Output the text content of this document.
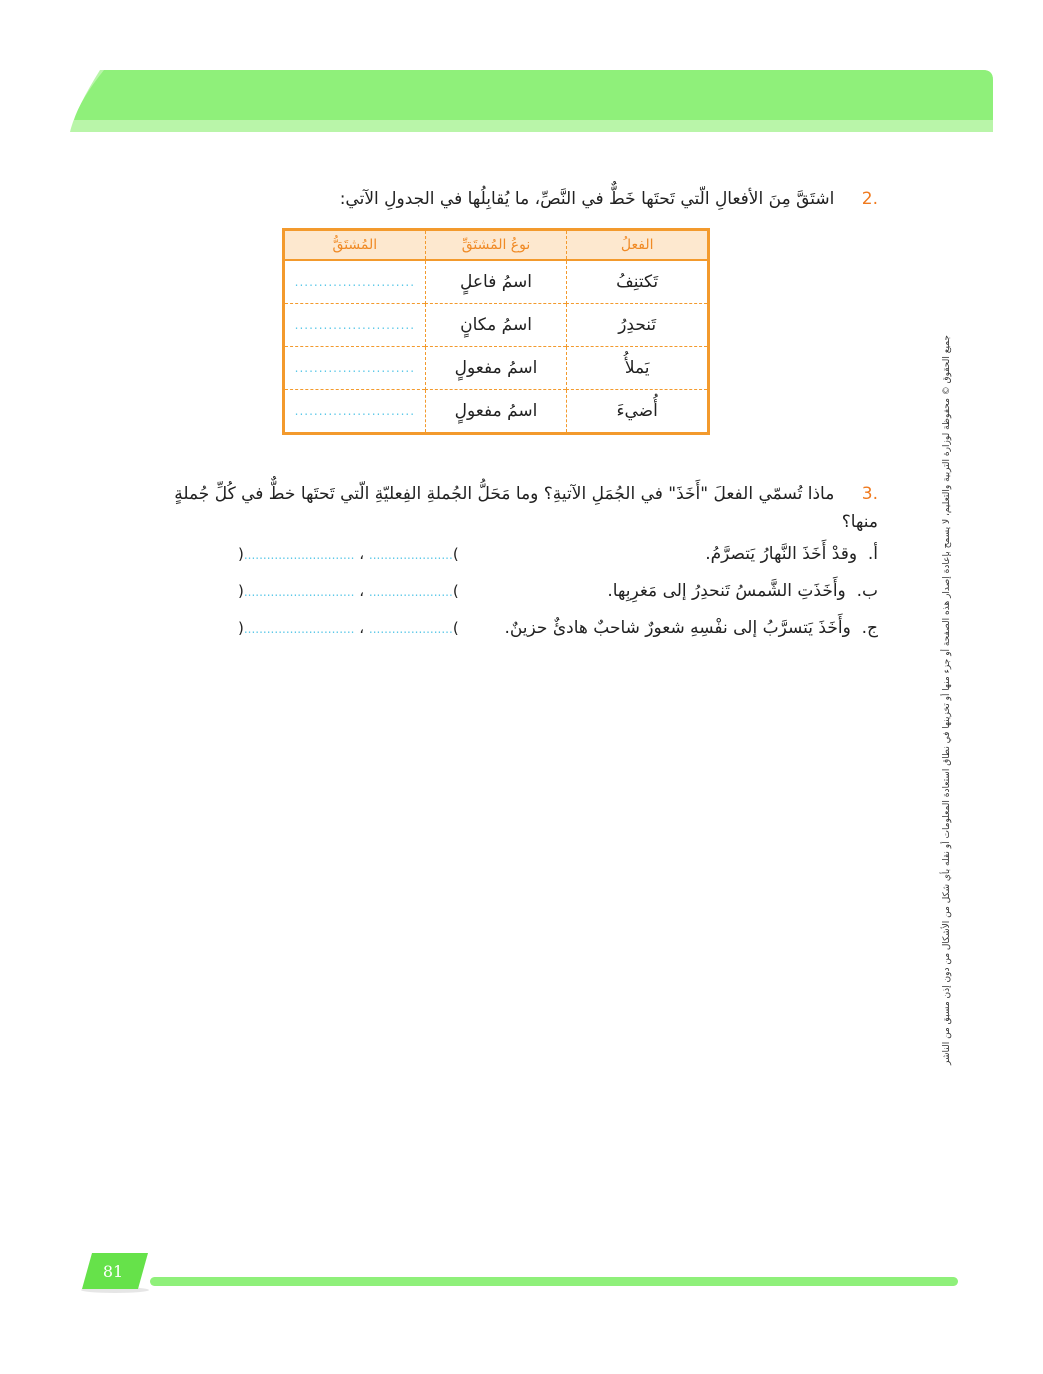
.2 اشتَقَّ مِنَ الأفعالِ الّتي تَحتَها خَطٌّ في النَّصِّ، ما يُقابِلُها في الجدولِ الآتي:
الفعلُ	نوعُ المُشتَقِّ	المُشتَقُّ
تَكتنِفُ	اسمُ فاعلٍ	.........................
تَنحدِرُ	اسمُ مكانٍ	.........................
يَملأُ	اسمُ مفعولٍ	.........................
أُضيءَ	اسمُ مفعولٍ	.........................
.3 ماذا تُسمّي الفعلَ "أَخَذَ" في الجُمَلِ الآتيةِ؟ وما مَحَلُّ الجُملةِ الفِعليّةِ الّتي تَحتَها خطٌّ في كُلِّ جُملةٍ منها؟
أ.  وقدْ أَخَذَ النَّهارُ يَتصرَّمُ.
)............................. ، ......................(
ب.  وأَخَذَتِ الشَّمسُ تَنحدِرُ إلى مَغرِبِها.
)............................. ، ......................(
ج.  وأَخَذَ يَتسرَّبُ إلى نفْسِهِ شعورٌ شاحبٌ هادئٌ حزينٌ.
)............................. ، ......................(	جميع الحقوق © محفوظة لوزارة التربية والتعليم، لا يسمح بإعادة إصدار هذه الصفحة أو جزء منها أو تخزينها في نطاق استعادة المعلومات أو نقله بأي شكل من الأشكال من دون إذن مسبق من الناشر
81
